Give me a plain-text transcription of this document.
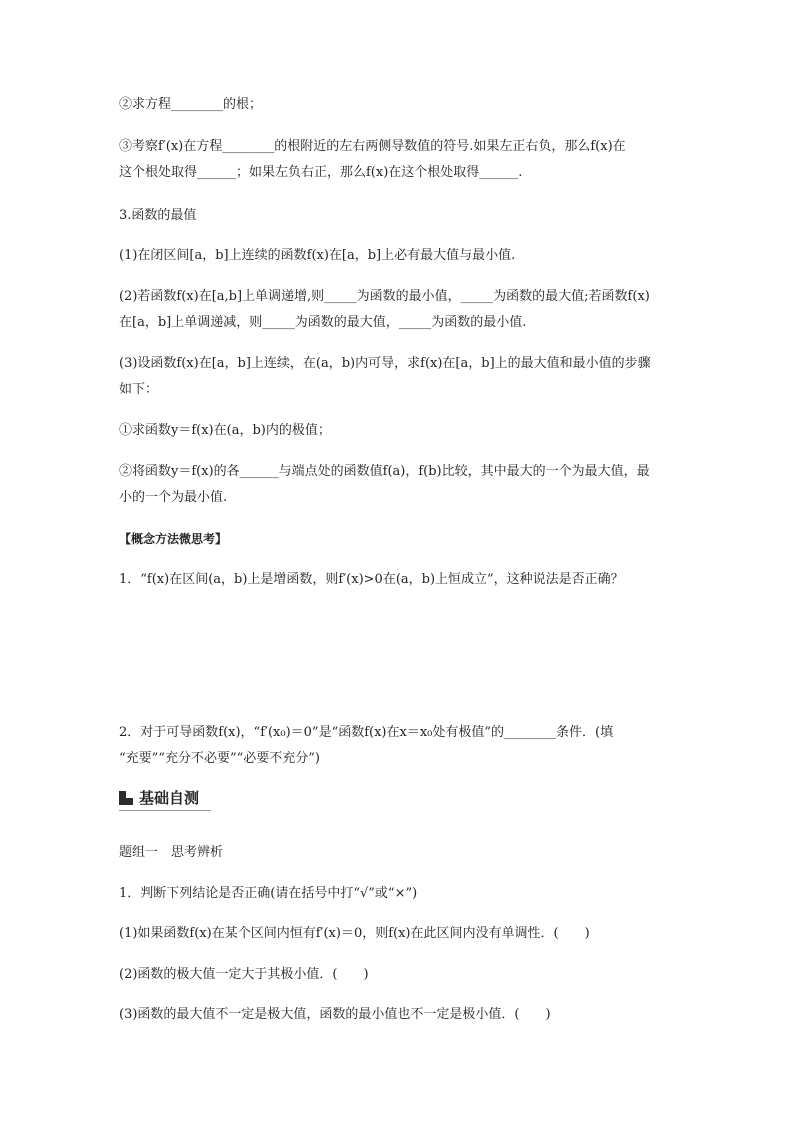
②求方程________的根；
③考察f′(x)在方程________的根附近的左右两侧导数值的符号.如果左正右负，那么f(x)在
这个根处取得______；如果左负右正，那么f(x)在这个根处取得______.
3.函数的最值
(1)在闭区间[a，b]上连续的函数f(x)在[a，b]上必有最大值与最小值.
(2)若函数f(x)在[a,b]上单调递增,则_____为函数的最小值，_____为函数的最大值;若函数f(x)
在[a，b]上单调递减，则_____为函数的最大值，_____为函数的最小值.
(3)设函数f(x)在[a，b]上连续，在(a，b)内可导，求f(x)在[a，b]上的最大值和最小值的步骤
如下：
①求函数y＝f(x)在(a，b)内的极值；
②将函数y＝f(x)的各______与端点处的函数值f(a)，f(b)比较，其中最大的一个为最大值，最
小的一个为最小值.
【概念方法微思考】
1．“f(x)在区间(a，b)上是增函数，则f′(x)>0在(a，b)上恒成立”，这种说法是否正确？
2．对于可导函数f(x)，“f′(x₀)＝0”是“函数f(x)在x＝x₀处有极值”的________条件．(填
“充要”“充分不必要”“必要不充分”)
基础自测
题组一　思考辨析
1．判断下列结论是否正确(请在括号中打“√”或“×”)
(1)如果函数f(x)在某个区间内恒有f′(x)＝0，则f(x)在此区间内没有单调性．(　　)
(2)函数的极大值一定大于其极小值．(　　)
(3)函数的最大值不一定是极大值，函数的最小值也不一定是极小值．(　　)
